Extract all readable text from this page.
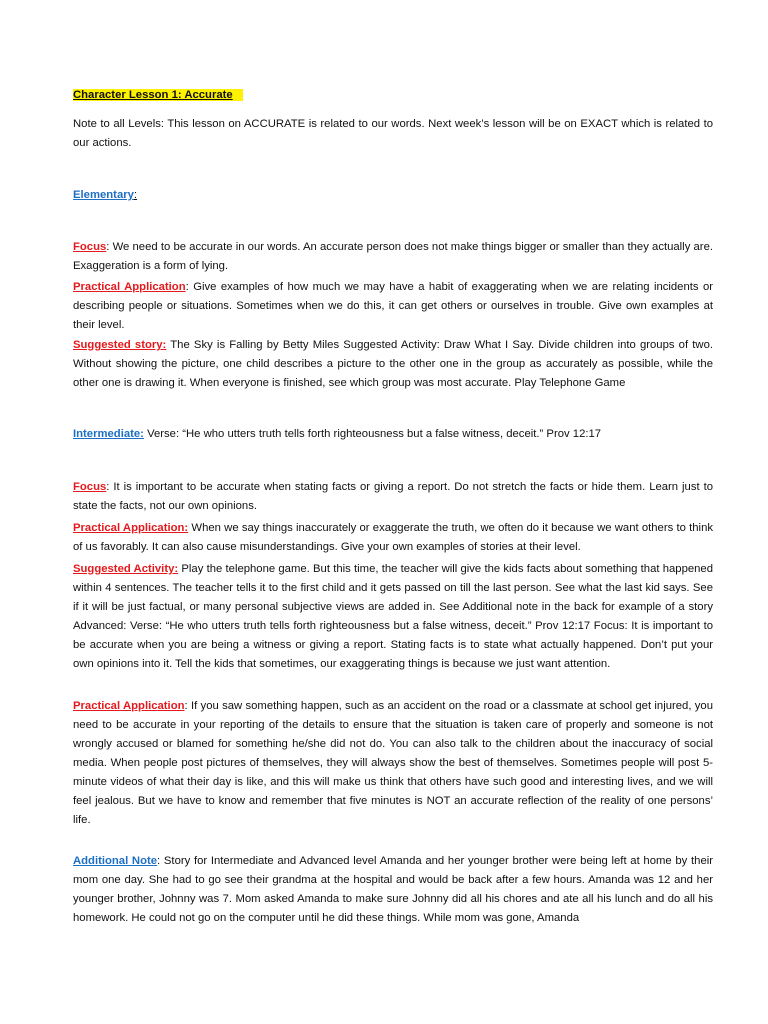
Character Lesson 1: Accurate
Note to all Levels: This lesson on ACCURATE is related to our words. Next week’s lesson will be on EXACT which is related to our actions.
Elementary:
Focus: We need to be accurate in our words. An accurate person does not make things bigger or smaller than they actually are. Exaggeration is a form of lying.
Practical Application: Give examples of how much we may have a habit of exaggerating when we are relating incidents or describing people or situations. Sometimes when we do this, it can get others or ourselves in trouble. Give own examples at their level.
Suggested story: The Sky is Falling by Betty Miles Suggested Activity: Draw What I Say. Divide children into groups of two. Without showing the picture, one child describes a picture to the other one in the group as accurately as possible, while the other one is drawing it. When everyone is finished, see which group was most accurate. Play Telephone Game
Intermediate: Verse: “He who utters truth tells forth righteousness but a false witness, deceit.” Prov 12:17
Focus: It is important to be accurate when stating facts or giving a report. Do not stretch the facts or hide them. Learn just to state the facts, not our own opinions.
Practical Application: When we say things inaccurately or exaggerate the truth, we often do it because we want others to think of us favorably. It can also cause misunderstandings. Give your own examples of stories at their level.
Suggested Activity: Play the telephone game. But this time, the teacher will give the kids facts about something that happened within 4 sentences. The teacher tells it to the first child and it gets passed on till the last person. See what the last kid says. See if it will be just factual, or many personal subjective views are added in. See Additional note in the back for example of a story Advanced: Verse: “He who utters truth tells forth righteousness but a false witness, deceit.” Prov 12:17 Focus: It is important to be accurate when you are being a witness or giving a report. Stating facts is to state what actually happened. Don’t put your own opinions into it. Tell the kids that sometimes, our exaggerating things is because we just want attention.
Practical Application: If you saw something happen, such as an accident on the road or a classmate at school get injured, you need to be accurate in your reporting of the details to ensure that the situation is taken care of properly and someone is not wrongly accused or blamed for something he/she did not do. You can also talk to the children about the inaccuracy of social media. When people post pictures of themselves, they will always show the best of themselves. Sometimes people will post 5-minute videos of what their day is like, and this will make us think that others have such good and interesting lives, and we will feel jealous. But we have to know and remember that five minutes is NOT an accurate reflection of the reality of one persons’ life.
Additional Note: Story for Intermediate and Advanced level Amanda and her younger brother were being left at home by their mom one day. She had to go see their grandma at the hospital and would be back after a few hours. Amanda was 12 and her younger brother, Johnny was 7. Mom asked Amanda to make sure Johnny did all his chores and ate all his lunch and do all his homework. He could not go on the computer until he did these things. While mom was gone, Amanda
